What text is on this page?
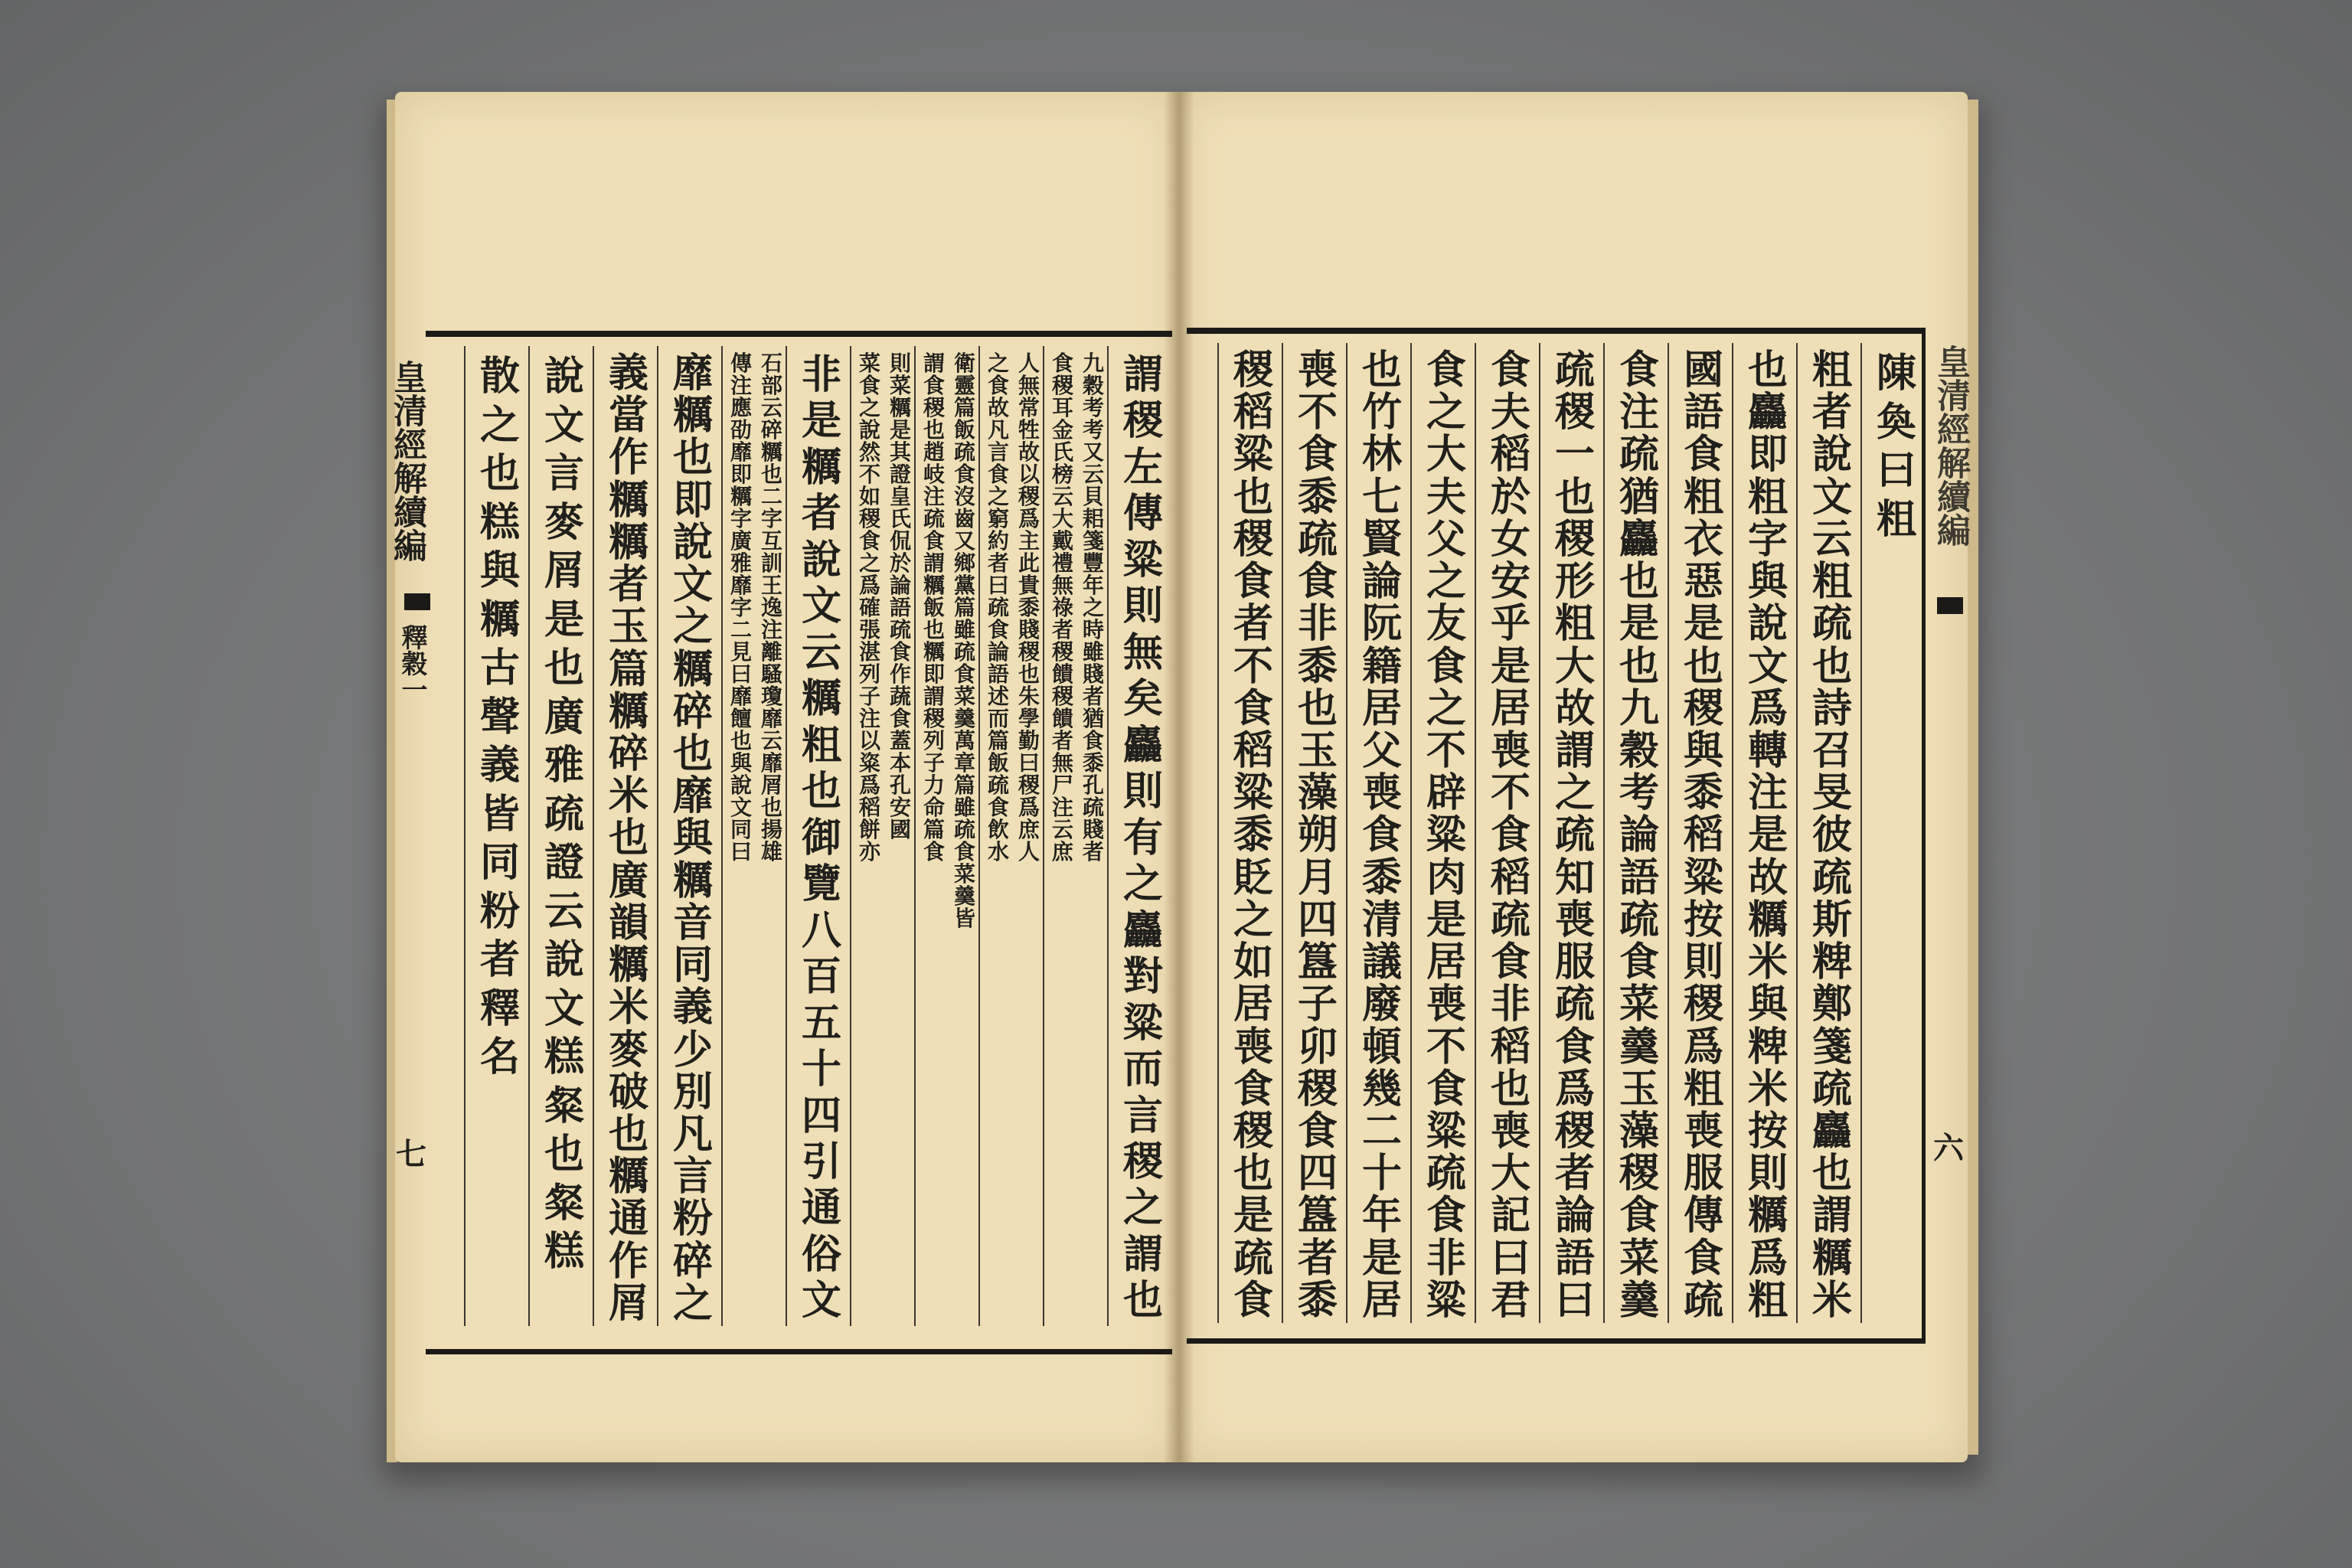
皇清經解續編
釋穀一
七
謂
稷
左
傳
粱
則
無
矣
麤
則
有
之
麤
對
粱
而
言
稷
之
謂
也
九
穀
考
考
又
云
貝
耜
箋
豐
年
之
時
雖
賤
者
猶
食
黍
孔
疏
賤
者
食
稷
耳
金
氏
榜
云
大
戴
禮
無
祿
者
稷
饋
稷
饋
者
無
尸
注
云
庶
人
無
常
牲
故
以
稷
爲
主
此
貴
黍
賤
稷
也
朱
學
勤
曰
稷
爲
庶
人
之
食
故
凡
言
食
之
窮
約
者
曰
疏
食
論
語
述
而
篇
飯
疏
食
飲
水
衛
靈
篇
飯
疏
食
沒
齒
又
鄉
黨
篇
雖
疏
食
菜
羹
萬
章
篇
雖
疏
食
菜
羹
皆
謂
食
稷
也
趙
岐
注
疏
食
謂
糲
飯
也
糲
即
謂
稷
列
子
力
命
篇
食
則
菜
糲
是
其
證
皇
氏
侃
於
論
語
疏
食
作
蔬
食
蓋
本
孔
安
國
菜
食
之
說
然
不
如
稷
食
之
爲
確
張
湛
列
子
注
以
粢
爲
稻
餅
亦
非
是
糲
者
說
文
云
糲
粗
也
御
覽
八
百
五
十
四
引
通
俗
文
石
部
云
碎
糲
也
二
字
互
訓
王
逸
注
離
騷
瓊
靡
云
靡
屑
也
揚
雄
傳
注
應
劭
靡
即
糲
字
廣
雅
靡
字
二
見
曰
靡
饘
也
與
說
文
同
曰
靡
糲
也
即
說
文
之
糲
碎
也
靡
與
糲
音
同
義
少
別
凡
言
粉
碎
之
義
當
作
糲
糲
者
玉
篇
糲
碎
米
也
廣
韻
糲
米
麥
破
也
糲
通
作
屑
說
文
言
麥
屑
是
也
廣
雅
疏
證
云
說
文
糕
粲
也
粲
糕
散
之
也
糕
與
糲
古
聲
義
皆
同
粉
者
釋
名
皇清經解續編
六
陳
奐
曰
粗
粗
者
說
文
云
粗
疏
也
詩
召
旻
彼
疏
斯
粺
鄭
箋
疏
麤
也
謂
糲
米
也
麤
即
粗
字
與
說
文
爲
轉
注
是
故
糲
米
與
粺
米
按
則
糲
爲
粗
國
語
食
粗
衣
惡
是
也
稷
與
黍
稻
粱
按
則
稷
爲
粗
喪
服
傳
食
疏
食
注
疏
猶
麤
也
是
也
九
穀
考
論
語
疏
食
菜
羹
玉
藻
稷
食
菜
羹
疏
稷
一
也
稷
形
粗
大
故
謂
之
疏
知
喪
服
疏
食
爲
稷
者
論
語
曰
食
夫
稻
於
女
安
乎
是
居
喪
不
食
稻
疏
食
非
稻
也
喪
大
記
曰
君
食
之
大
夫
父
之
友
食
之
不
辟
粱
肉
是
居
喪
不
食
粱
疏
食
非
粱
也
竹
林
七
賢
論
阮
籍
居
父
喪
食
黍
清
議
廢
頓
幾
二
十
年
是
居
喪
不
食
黍
疏
食
非
黍
也
玉
藻
朔
月
四
簋
子
卯
稷
食
四
簋
者
黍
稷
稻
粱
也
稷
食
者
不
食
稻
粱
黍
貶
之
如
居
喪
食
稷
也
是
疏
食
